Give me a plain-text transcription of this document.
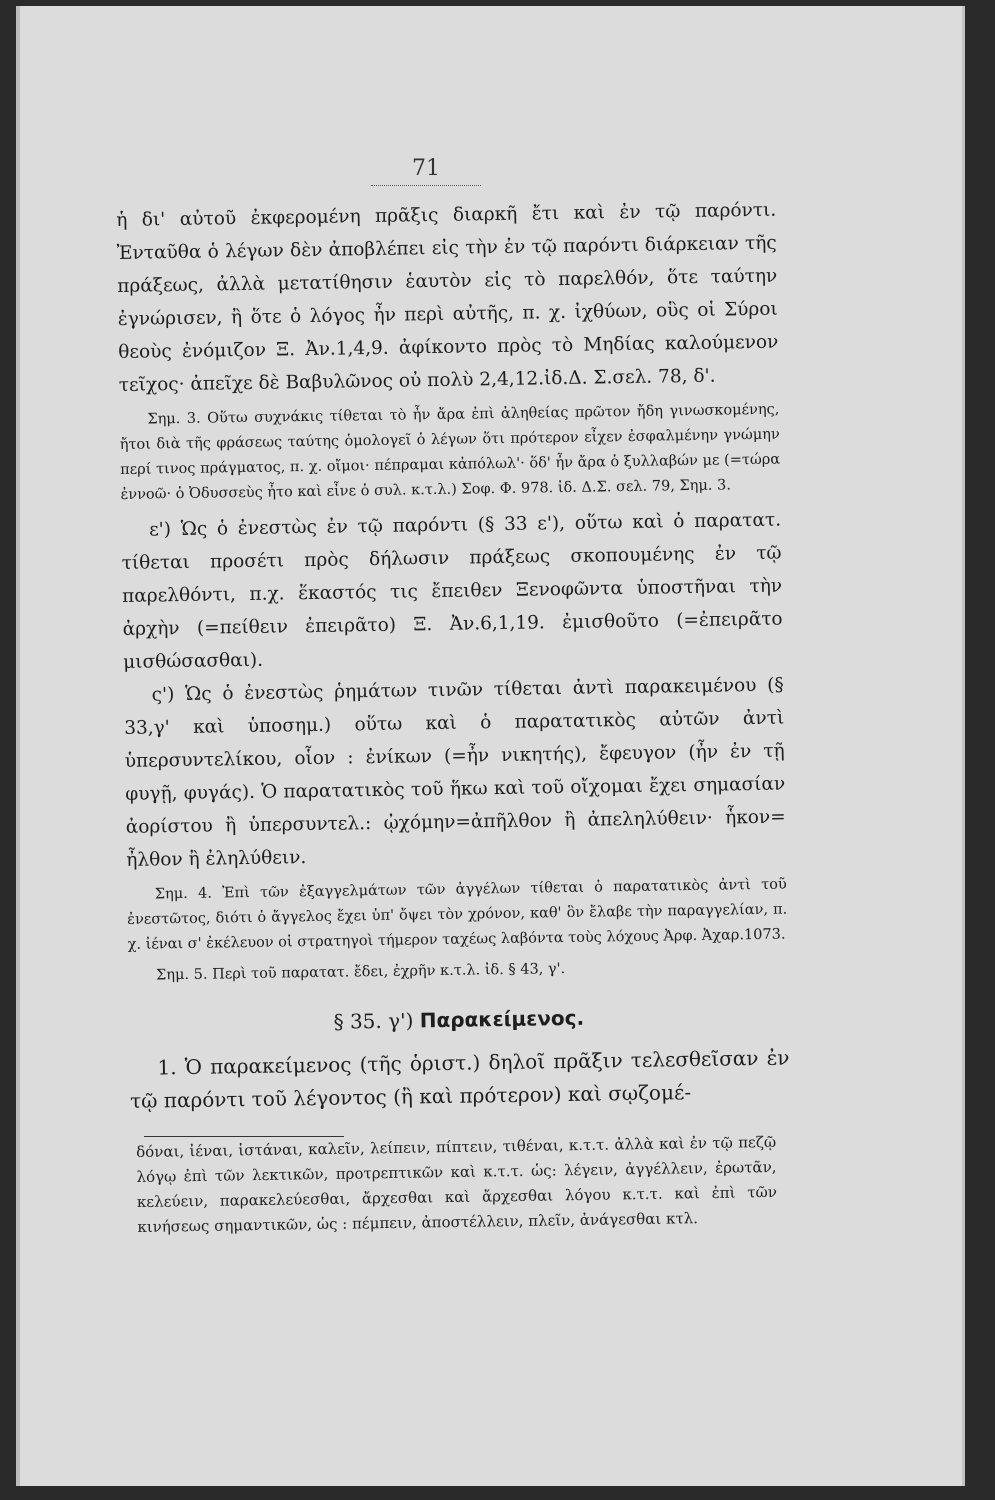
71

ἡ δι' αὐτοῦ ἐκφερομένη πρᾶξις διαρκῆ ἔτι καὶ ἐν τῷ παρόντι. Ἐνταῦθα ὁ λέγων δὲν ἀποβλέπει εἰς τὴν ἐν τῷ παρόντι διάρκειαν τῆς πράξεως, ἀλλὰ μετατίθησιν ἑαυτὸν εἰς τὸ παρελθόν, ὅτε ταύτην ἐγνώρισεν, ἢ ὅτε ὁ λόγος ἦν περὶ αὐτῆς, π. χ. ἰχθύων, οὓς οἱ Σύροι θεοὺς ἐνόμιζον Ξ. Ἀν.1,4,9. ἀφίκοντο πρὸς τὸ Μηδίας καλούμενον τεῖχος· ἀπεῖχε δὲ Βαβυλῶνος οὐ πολὺ 2,4,12.ἰδ.Δ. Σ.σελ. 78, δ'.

Σημ. 3. Οὕτω συχνάκις τίθεται τὸ ἦν ἄρα ἐπὶ ἀληθείας πρῶτον ἤδη γινωσκομένης, ἤτοι διὰ τῆς φράσεως ταύτης ὁμολογεῖ ὁ λέγων ὅτι πρότερον εἶχεν ἐσφαλμένην γνώμην περί τινος πράγματος, π. χ. οἴμοι· πέπραμαι κἀπόλωλ'· ὅδ' ἦν ἄρα ὁ ξυλλαβών με (=τώρα ἐννοῶ· ὁ Ὀδυσσεὺς ἦτο καὶ εἶνε ὁ συλ. κ.τ.λ.) Σοφ. Φ. 978. ἰδ. Δ.Σ. σελ. 79, Σημ. 3.

ε') Ὡς ὁ ἐνεστὼς ἐν τῷ παρόντι (§ 33 ε'), οὕτω καὶ ὁ παρατατ. τίθεται προσέτι πρὸς δήλωσιν πράξεως σκοπουμένης ἐν τῷ παρελθόντι, π.χ. ἕκαστός τις ἔπειθεν Ξενοφῶντα ὑποστῆναι τὴν ἀρχὴν (=πείθειν ἐπειρᾶτο) Ξ. Ἀν.6,1,19. ἐμισθοῦτο (=ἐπειρᾶτο μισθώσασθαι).

ς') Ὡς ὁ ἐνεστὼς ῥημάτων τινῶν τίθεται ἀντὶ παρακειμένου (§ 33,γ' καὶ ὑποσημ.) οὕτω καὶ ὁ παρατατικὸς αὐτῶν ἀντὶ ὑπερσυντελίκου, οἷον : ἐνίκων (=ἦν νικητής), ἔφευγον (ἦν ἐν τῇ φυγῇ, φυγάς). Ὁ παρατατικὸς τοῦ ἥκω καὶ τοῦ οἴχομαι ἔχει σημασίαν ἀορίστου ἢ ὑπερσυντελ.: ᾠχόμην=ἀπῆλθον ἢ ἀπεληλύθειν· ἧκον= ἦλθον ἢ ἐληλύθειν.

Σημ. 4. Ἐπὶ τῶν ἐξαγγελμάτων τῶν ἀγγέλων τίθεται ὁ παρατατικὸς ἀντὶ τοῦ ἐνεστῶτος, διότι ὁ ἄγγελος ἔχει ὑπ' ὄψει τὸν χρόνον, καθ' ὃν ἔλαβε τὴν παραγγελίαν, π. χ. ἰέναι σ' ἐκέλευον οἱ στρατηγοὶ τήμερον ταχέως λαβόντα τοὺς λόχους Ἀρφ. Ἀχαρ.1073.

Σημ. 5. Περὶ τοῦ παρατατ. ἔδει, ἐχρῆν κ.τ.λ. ἰδ. § 43, γ'.

§ 35. γ') Παρακείμενος.

1. Ὁ παρακείμενος (τῆς ὁριστ.) δηλοῖ πρᾶξιν τελεσθεῖσαν ἐν τῷ παρόντι τοῦ λέγοντος (ἢ καὶ πρότερον) καὶ σῳζομέ-

δόναι, ἰέναι, ἱστάναι, καλεῖν, λείπειν, πίπτειν, τιθέναι, κ.τ.τ. ἀλλὰ καὶ ἐν τῷ πεζῷ λόγῳ ἐπὶ τῶν λεκτικῶν, προτρεπτικῶν καὶ κ.τ.τ. ὡς: λέγειν, ἀγγέλλειν, ἐρωτᾶν, κελεύειν, παρακελεύεσθαι, ἄρχεσθαι καὶ ἄρχεσθαι λόγου κ.τ.τ. καὶ ἐπὶ τῶν κινήσεως σημαντικῶν, ὡς : πέμπειν, ἀποστέλλειν, πλεῖν, ἀνάγεσθαι κτλ.
